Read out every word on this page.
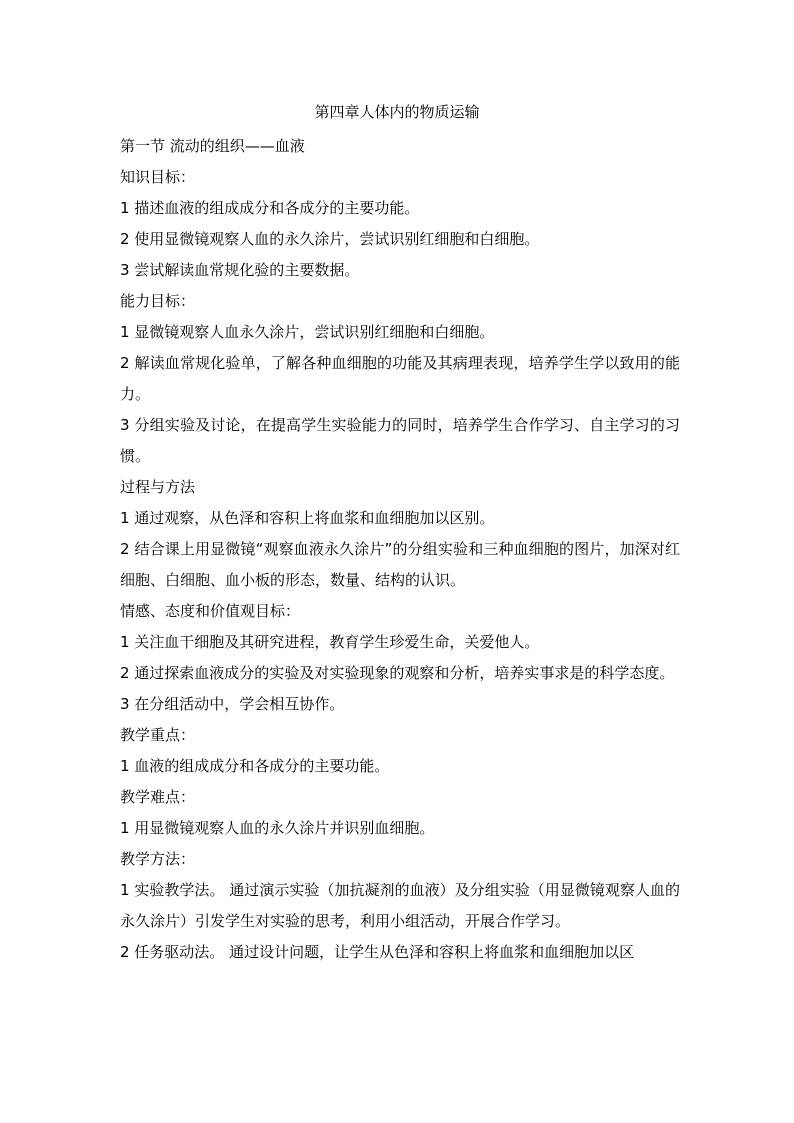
第四章人体内的物质运输

第一节 流动的组织——血液

知识目标：

1 描述血液的组成成分和各成分的主要功能。

2 使用显微镜观察人血的永久涂片，尝试识别红细胞和白细胞。

3 尝试解读血常规化验的主要数据。

能力目标：

1 显微镜观察人血永久涂片，尝试识别红细胞和白细胞。

2 解读血常规化验单，了解各种血细胞的功能及其病理表现，培养学生学以致用的能力。

3 分组实验及讨论，在提高学生实验能力的同时，培养学生合作学习、自主学习的习惯。

过程与方法

1 通过观察，从色泽和容积上将血浆和血细胞加以区别。

2 结合课上用显微镜“观察血液永久涂片”的分组实验和三种血细胞的图片，加深对红细胞、白细胞、血小板的形态，数量、结构的认识。

情感、态度和价值观目标：

1 关注血干细胞及其研究进程，教育学生珍爱生命，关爱他人。

2 通过探索血液成分的实验及对实验现象的观察和分析，培养实事求是的科学态度。

3 在分组活动中，学会相互协作。

教学重点：

1 血液的组成成分和各成分的主要功能。

教学难点：

1 用显微镜观察人血的永久涂片并识别血细胞。

教学方法：

1 实验教学法。 通过演示实验（加抗凝剂的血液）及分组实验（用显微镜观察人血的永久涂片）引发学生对实验的思考，利用小组活动，开展合作学习。

2 任务驱动法。 通过设计问题，让学生从色泽和容积上将血浆和血细胞加以区
